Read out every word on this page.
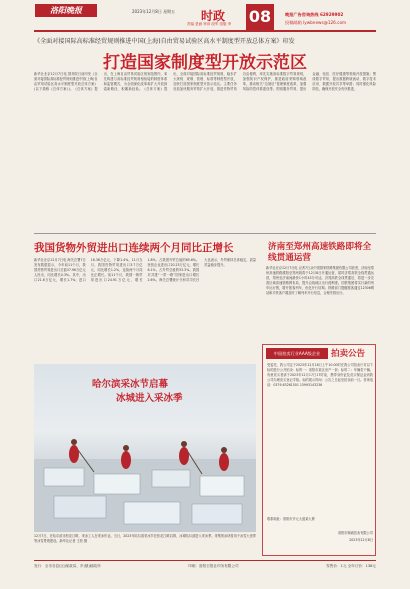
洛阳晚报	2023年12月8日 星期五 时政
责编 是画 审读 段军 组版 李 08	晚报广告咨询热线 62929902
投稿邮箱 lywbnews@126.com
《全面对接国际高标准经贸规则推进中国(上海)自由贸易试验区高水平制度型开放总体方案》印发
打造国家制度型开放示范区
新华社北京12月7日电 国务院日前印发《全面对接国际高标准经贸规则推进中国(上海)自由贸易试验区高水平制度型开放总体方案》(以下简称《总体方案》)。《总体方案》提出，在上海自由贸易试验区规划范围内，率先构建与高标准经贸规则相衔接的制度体系和监管模式，为全面深化改革和扩大开放探索新路径、积累新经验。《总体方案》提出，全面对接国际高标准经贸规则，稳步扩大规则、规制、管理、标准等制度型开放，加快打造国家制度型开放示范区。主要任务包括加快服务贸易扩大开放，推进货物贸易自由便利，率先实施高标准数字贸易规则，加强知识产权保护，推进政府采购领域改革，推动相关“边境后”管理制度改革，加强风险防控体系建设等。围绕服务贸易，提出金融、电信、医疗健康等领域开放措施；围绕数字贸易，提出数据跨境流动、数字技术应用、数据开放共享等举措；同时强化风险防范，确保开放安全有序推进。
我国货物外贸进出口连续两个月同比正增长
新华社北京12月7日电 海关总署7日发布数据显示，今年前11个月，我国货物贸易进出口总值37.96万亿元人民币，同比增长0.3%。其中，出口21.6万亿元，增长1.7%；进口16.36万亿元，下降1.4%。11月当月，我国货物贸易进出口3.7万亿元，同比增长1.2%，连续两个月同比正增长。前11个月，我国一般贸易进出口24.91万亿元，增长1.8%，占我国外贸总值的65.6%。民营企业进出口20.23万亿元，增长6.1%，占外贸总值的53.3%。我国对共建“一带一路”国家进出口增长2.6%。海关总署统计分析司司长吕大良表示，外贸保持总体稳定，质量效益稳步提升。
济南至郑州高速铁路即将全线贯通运营
新华社北京12月7日电 记者7日从中国国家铁路集团有限公司获悉，济南至郑州高速铁路濮阳至郑州段将于12月8日开通运营，届时济郑高铁全线贯通运营，郑州至济南间最快1小时43分可达。济郑高铁全线贯通后，将进一步完善区域高速铁路网布局，提升沿线地区出行便利度。国铁集团将实行新的列车运行图，增开旅客列车，优化开行结构。铁路部门提醒旅客通过12306网站和手机客户端及时了解列车开行信息，合理安排出行。
哈尔滨采冰节启幕
冰城进入采冰季
12月7日，在哈尔滨市松花江畔，采冰工人在采冰作业。当日，2023年哈尔滨采冰节在松花江畔启幕，冰城哈尔滨进入采冰季。采集的冰块将用于冰雪大世界等冰雪景观建设。新华社记者 王松 摄
中国拍卖行业AAA级企业	拍卖公告
受委托，我公司定于2023年12月18日上午10:00时在我公司拍卖厅对以下标的进行公开拍卖：标的一：洛阳市某区房产一套；标的二：车辆若干辆。有意竞买者请于2023年12月17日17时前，携带身份证及竞买保证金到我公司办理竞买登记手续。标的展示时间：公告之日起至拍卖前一日。咨询电话：0379-63261501 15993143236
联系地址：洛阳市开元大道某大厦
洛阳市顺诚拍卖有限公司
2023年12月8日
发行：全市各县(区)邮政局、乡(镇)邮政所	印刷：洛阳日报社印务有限公司	零售价：1元 全年订价：138元
